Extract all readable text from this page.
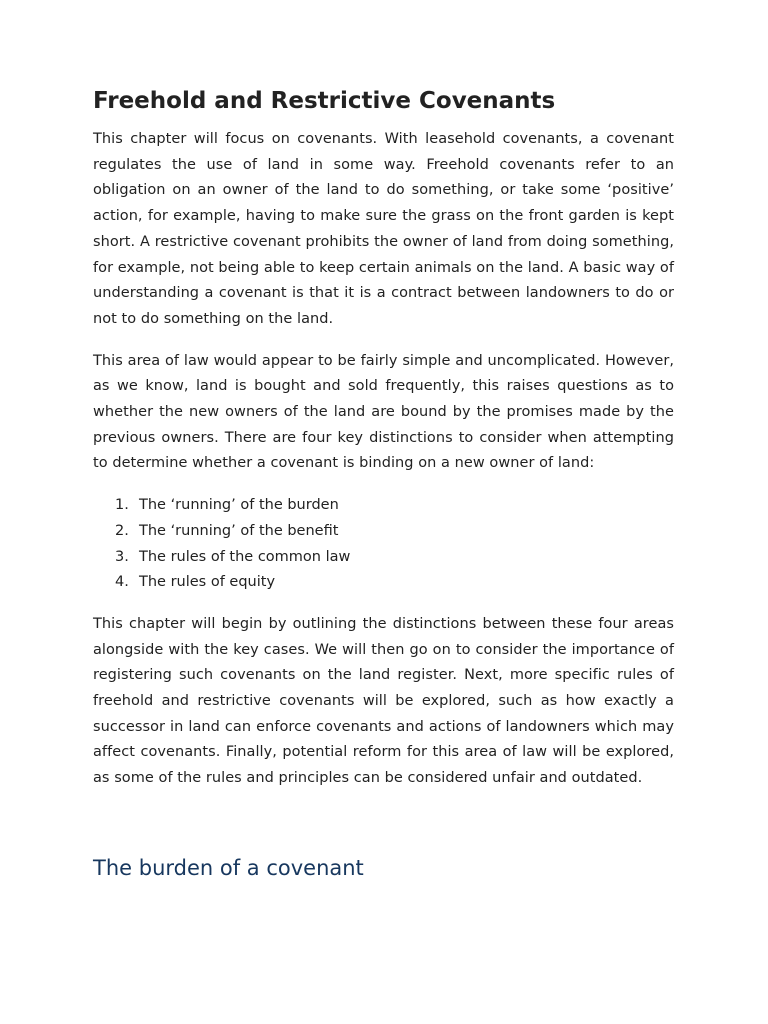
Freehold and Restrictive Covenants

This chapter will focus on covenants. With leasehold covenants, a covenant regulates the use of land in some way. Freehold covenants refer to an obligation on an owner of the land to do something, or take some ‘positive’ action, for example, having to make sure the grass on the front garden is kept short. A restrictive covenant prohibits the owner of land from doing something, for example, not being able to keep certain animals on the land. A basic way of understanding a covenant is that it is a contract between landowners to do or not to do something on the land.

This area of law would appear to be fairly simple and uncomplicated. However, as we know, land is bought and sold frequently, this raises questions as to whether the new owners of the land are bound by the promises made by the previous owners. There are four key distinctions to consider when attempting to determine whether a covenant is binding on a new owner of land:

1. The ‘running’ of the burden
2. The ‘running’ of the benefit
3. The rules of the common law
4. The rules of equity

This chapter will begin by outlining the distinctions between these four areas alongside with the key cases. We will then go on to consider the importance of registering such covenants on the land register. Next, more specific rules of freehold and restrictive covenants will be explored, such as how exactly a successor in land can enforce covenants and actions of landowners which may affect covenants. Finally, potential reform for this area of law will be explored, as some of the rules and principles can be considered unfair and outdated.

The burden of a covenant
